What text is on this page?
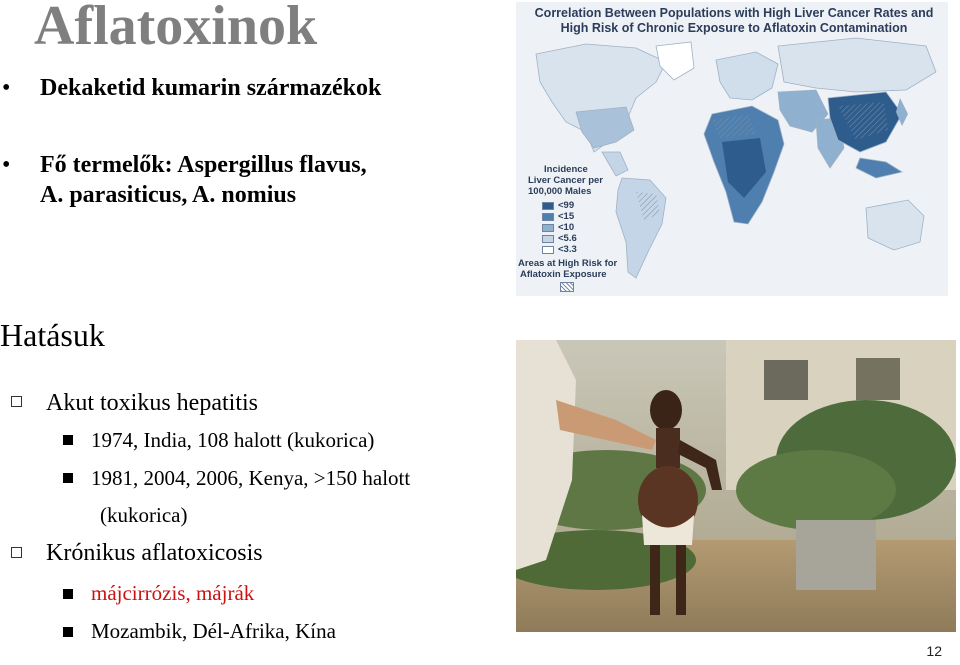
Aflatoxinok
• Dekaketid kumarin származékok
• Fő termelők: Aspergillus flavus,
A. parasiticus, A. nomius
Hatásuk
Akut toxikus hepatitis
1974, India, 108 halott (kukorica)
1981, 2004, 2006, Kenya, >150 halott
(kukorica)
Krónikus aflatoxicosis
májcirrózis, májrák
Mozambik, Dél-Afrika, Kína
Correlation Between Populations with High Liver Cancer Rates and
High Risk of Chronic Exposure to Aflatoxin Contamination
Incidence
Liver Cancer per
100,000 Males
<99
<15
<10
<5.6
<3.3
Areas at High Risk for
Aflatoxin Exposure
12
